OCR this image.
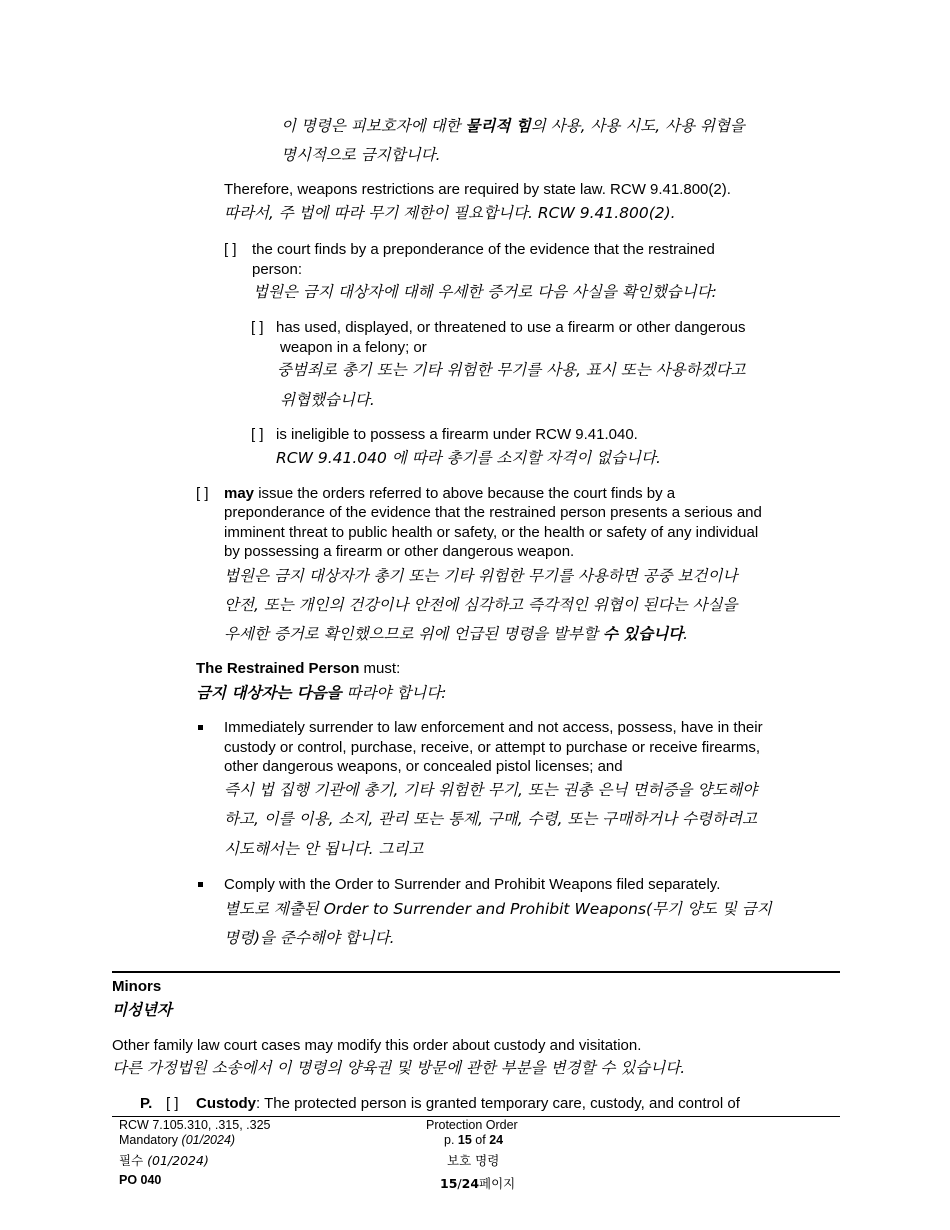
이 명령은 피보호자에 대한 물리적 힘의 사용, 사용 시도, 사용 위협을
명시적으로 금지합니다.
Therefore, weapons restrictions are required by state law. RCW 9.41.800(2).
따라서, 주 법에 따라 무기 제한이 필요합니다. RCW 9.41.800(2).
[ ] the court finds by a preponderance of the evidence that the restrained
person:
법원은 금지 대상자에 대해 우세한 증거로 다음 사실을 확인했습니다:
[ ] has used, displayed, or threatened to use a firearm or other dangerous
weapon in a felony; or
중범죄로 총기 또는 기타 위험한 무기를 사용, 표시 또는 사용하겠다고
위협했습니다.
[ ] is ineligible to possess a firearm under RCW 9.41.040.
RCW 9.41.040 에 따라 총기를 소지할 자격이 없습니다.
[ ] may issue the orders referred to above because the court finds by a
preponderance of the evidence that the restrained person presents a serious and
imminent threat to public health or safety, or the health or safety of any individual
by possessing a firearm or other dangerous weapon.
법원은 금지 대상자가 총기 또는 기타 위험한 무기를 사용하면 공중 보건이나
안전, 또는 개인의 건강이나 안전에 심각하고 즉각적인 위협이 된다는 사실을
우세한 증거로 확인했으므로 위에 언급된 명령을 발부할 수 있습니다.
The Restrained Person must:
금지 대상자는 다음을 따라야 합니다:
Immediately surrender to law enforcement and not access, possess, have in their
custody or control, purchase, receive, or attempt to purchase or receive firearms,
other dangerous weapons, or concealed pistol licenses; and
즉시 법 집행 기관에 총기, 기타 위험한 무기, 또는 권총 은닉 면허증을 양도해야
하고, 이를 이용, 소지, 관리 또는 통제, 구매, 수령, 또는 구매하거나 수령하려고
시도해서는 안 됩니다. 그리고
Comply with the Order to Surrender and Prohibit Weapons filed separately.
별도로 제출된 Order to Surrender and Prohibit Weapons(무기 양도 및 금지
명령)을 준수해야 합니다.
Minors
미성년자
Other family law court cases may modify this order about custody and visitation.
다른 가정법원 소송에서 이 명령의 양육권 및 방문에 관한 부분을 변경할 수 있습니다.
P. [ ] Custody: The protected person is granted temporary care, custody, and control of
RCW 7.105.310, .315, .325
Mandatory (01/2024)
필수 (01/2024)
PO 040
Protection Order
p. 15 of 24
보호 명령
15/24페이지
